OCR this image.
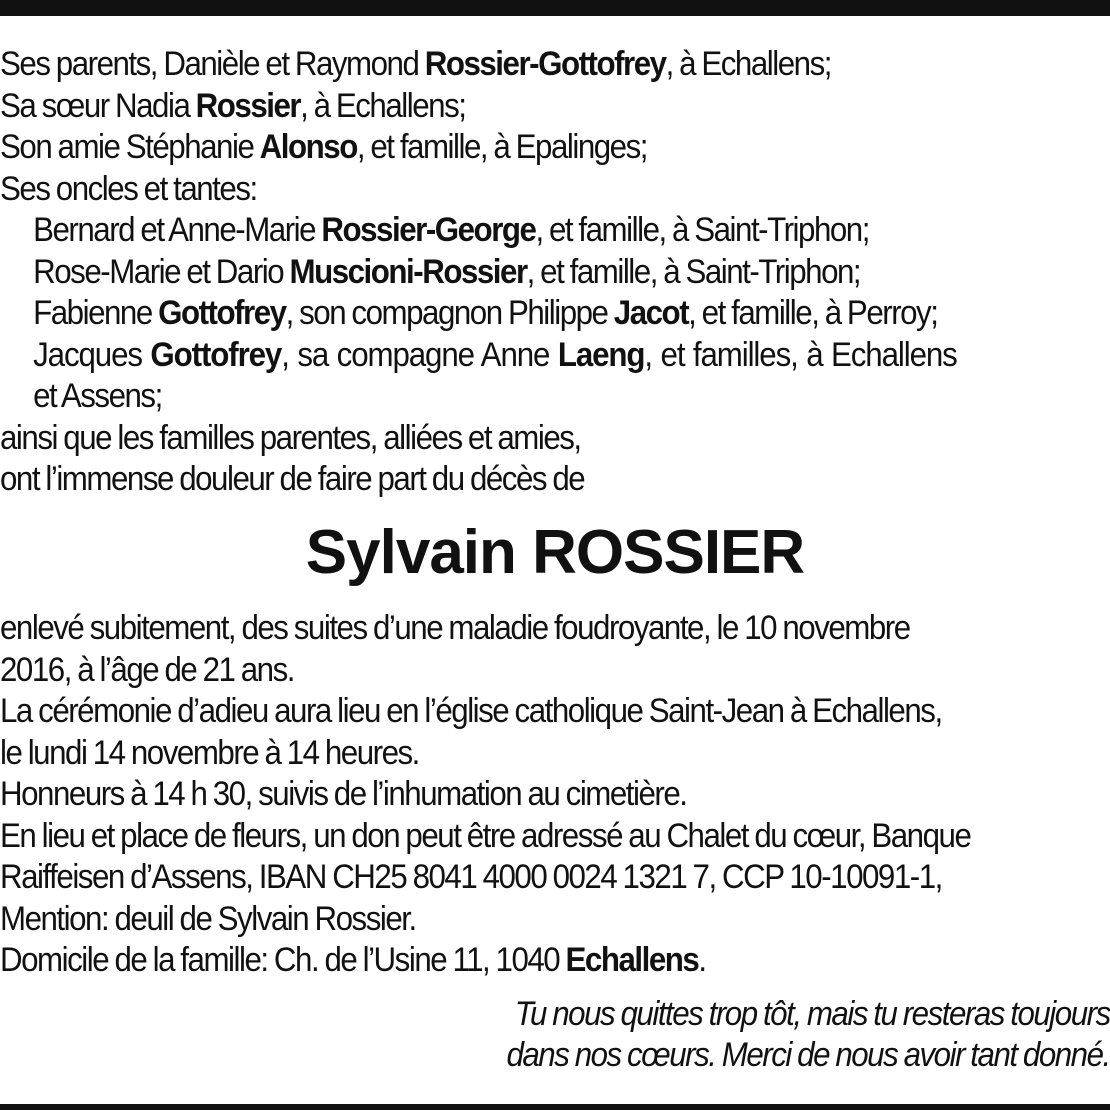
Ses parents, Danièle et Raymond Rossier-Gottofrey, à Echallens;
Sa sœur Nadia Rossier, à Echallens;
Son amie Stéphanie Alonso, et famille, à Epalinges;
Ses oncles et tantes:
Bernard et Anne-Marie Rossier-George, et famille, à Saint-Triphon;
Rose-Marie et Dario Muscioni-Rossier, et famille, à Saint-Triphon;
Fabienne Gottofrey, son compagnon Philippe Jacot, et famille, à Perroy;
Jacques Gottofrey, sa compagne Anne Laeng, et familles, à Echallens
et Assens;
ainsi que les familles parentes, alliées et amies,
ont l’immense douleur de faire part du décès de
Sylvain ROSSIER
enlevé subitement, des suites d’une maladie foudroyante, le 10 novembre
2016, à l’âge de 21 ans.
La cérémonie d’adieu aura lieu en l’église catholique Saint-Jean à Echallens,
le lundi 14 novembre à 14 heures.
Honneurs à 14 h 30, suivis de l’inhumation au cimetière.
En lieu et place de fleurs, un don peut être adressé au Chalet du cœur, Banque
Raiffeisen d’Assens, IBAN CH25 8041 4000 0024 1321 7, CCP 10-10091-1,
Mention: deuil de Sylvain Rossier.
Domicile de la famille: Ch. de l’Usine 11, 1040 Echallens.
Tu nous quittes trop tôt, mais tu resteras toujours
dans nos cœurs. Merci de nous avoir tant donné.
